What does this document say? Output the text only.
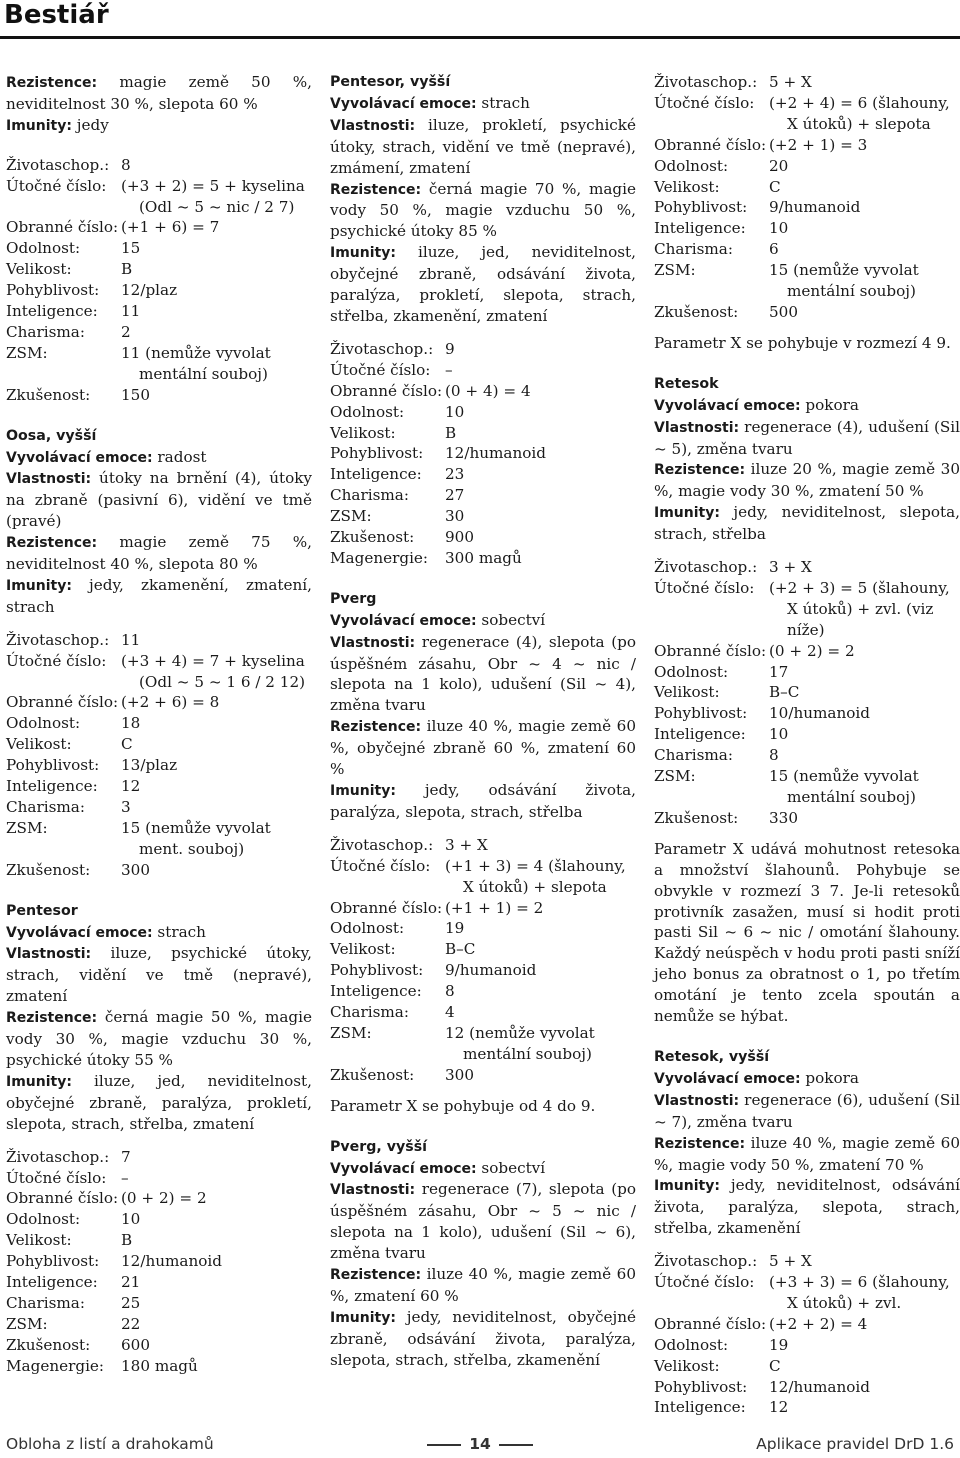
Bestiář
Rezistence: magie země 50 %, neviditelnost 30 %, slepota 60 %
Imunity: jedy
Životaschop.: 8
Útočné číslo: (+3 + 2) = 5 + kyselina
(Odl ~ 5 ~ nic / 2 7)
Obranné číslo: (+1 + 6) = 7
Odolnost:	15
Velikost:	B
Pohyblivost:	12/plaz
Inteligence:	11
Charisma:	2
ZSM:	11 (nemůže vyvolat
mentální souboj)
Zkušenost:	150
Oosa, vyšší
Vyvolávací emoce: radost
Vlastnosti: útoky na brnění (4), útoky na zbraně (pasivní 6), vidění ve tmě (pravé)
Rezistence: magie země 75 %, neviditelnost 40 %, slepota 80 %
Imunity: jedy, zkamenění, zmatení, strach
Životaschop.: 11
Útočné číslo: (+3 + 4) = 7 + kyselina
(Odl ~ 5 ~ 1 6 / 2 12)
Obranné číslo: (+2 + 6) = 8
Odolnost:	18
Velikost:	C
Pohyblivost:	13/plaz
Inteligence:	12
Charisma:	3
ZSM:	15 (nemůže vyvolat
ment. souboj)
Zkušenost:	300
Pentesor
Vyvolávací emoce: strach
Vlastnosti: iluze, psychické útoky, strach, vidění ve tmě (nepravé), zmatení
Rezistence: černá magie 50 %, magie vody 30 %, magie vzduchu 30 %, psychické útoky 55 %
Imunity: iluze, jed, neviditelnost, obyčejné zbraně, paralýza, prokletí, slepota, strach, střelba, zmatení
Životaschop.: 7
Útočné číslo: –
Obranné číslo: (0 + 2) = 2
Odolnost:	10
Velikost:	B
Pohyblivost:	12/humanoid
Inteligence:	21
Charisma:	25
ZSM:	22
Zkušenost:	600
Magenergie:	180 magů
Pentesor, vyšší
Vyvolávací emoce: strach
Vlastnosti: iluze, prokletí, psychické útoky, strach, vidění ve tmě (nepravé), zmámení, zmatení
Rezistence: černá magie 70 %, magie vody 50 %, magie vzduchu 50 %, psychické útoky 85 %
Imunity: iluze, jed, neviditelnost, obyčejné zbraně, odsávání života, paralýza, prokletí, slepota, strach, střelba, zkamenění, zmatení
Životaschop.: 9
Útočné číslo: –
Obranné číslo: (0 + 4) = 4
Odolnost:	10
Velikost:	B
Pohyblivost:	12/humanoid
Inteligence:	23
Charisma:	27
ZSM:	30
Zkušenost:	900
Magenergie:	300 magů
Pverg
Vyvolávací emoce: sobectví
Vlastnosti: regenerace (4), slepota (po úspěšném zásahu, Obr ~ 4 ~ nic / slepota na 1 kolo), udušení (Sil ~ 4), změna tvaru
Rezistence: iluze 40 %, magie země 60 %, obyčejné zbraně 60 %, zmatení 60 %
Imunity: jedy, odsávání života, paralýza, slepota, strach, střelba
Životaschop.: 3 + X
Útočné číslo: (+1 + 3) = 4 (šlahouny,
X útoků) + slepota
Obranné číslo: (+1 + 1) = 2
Odolnost:	19
Velikost:	B–C
Pohyblivost:	9/humanoid
Inteligence:	8
Charisma:	4
ZSM:	12 (nemůže vyvolat
mentální souboj)
Zkušenost:	300
Parametr X se pohybuje od 4 do 9.
Pverg, vyšší
Vyvolávací emoce: sobectví
Vlastnosti: regenerace (7), slepota (po úspěšném zásahu, Obr ~ 5 ~ nic / slepota na 1 kolo), udušení (Sil ~ 6), změna tvaru
Rezistence: iluze 40 %, magie země 60 %, zmatení 60 %
Imunity: jedy, neviditelnost, obyčejné zbraně, odsávání života, paralýza, slepota, strach, střelba, zkamenění
Životaschop.: 5 + X
Útočné číslo: (+2 + 4) = 6 (šlahouny,
X útoků) + slepota
Obranné číslo: (+2 + 1) = 3
Odolnost:	20
Velikost:	C
Pohyblivost:	9/humanoid
Inteligence:	10
Charisma:	6
ZSM:	15 (nemůže vyvolat
mentální souboj)
Zkušenost:	500
Parametr X se pohybuje v rozmezí 4 9.
Retesok
Vyvolávací emoce: pokora
Vlastnosti: regenerace (4), udušení (Sil ~ 5), změna tvaru
Rezistence: iluze 20 %, magie země 30 %, magie vody 30 %, zmatení 50 %
Imunity: jedy, neviditelnost, slepota, strach, střelba
Životaschop.: 3 + X
Útočné číslo: (+2 + 3) = 5 (šlahouny,
X útoků) + zvl. (viz níže)
Obranné číslo: (0 + 2) = 2
Odolnost:	17
Velikost:	B–C
Pohyblivost:	10/humanoid
Inteligence:	10
Charisma:	8
ZSM:	15 (nemůže vyvolat
mentální souboj)
Zkušenost:	330
Parametr X udává mohutnost retesoka a množství šlahounů. Pohybuje se obvykle v rozmezí 3 7. Je-li retesoků protivník zasažen, musí si hodit proti pasti Sil ~ 6 ~ nic / omotání šlahouny. Každý neúspěch v hodu proti pasti sníží jeho bonus za obratnost o 1, po třetím omotání je tento zcela spoután a nemůže se hýbat.
Retesok, vyšší
Vyvolávací emoce: pokora
Vlastnosti: regenerace (6), udušení (Sil ~ 7), změna tvaru
Rezistence: iluze 40 %, magie země 60 %, magie vody 50 %, zmatení 70 %
Imunity: jedy, neviditelnost, odsávání života, paralýza, slepota, strach, střelba, zkamenění
Životaschop.: 5 + X
Útočné číslo: (+3 + 3) = 6 (šlahouny,
X útoků) + zvl.
Obranné číslo: (+2 + 2) = 4
Odolnost:	19
Velikost:	C
Pohyblivost:	12/humanoid
Inteligence:	12
Obloha z listí a drahokamů	14	Aplikace pravidel DrD 1.6
